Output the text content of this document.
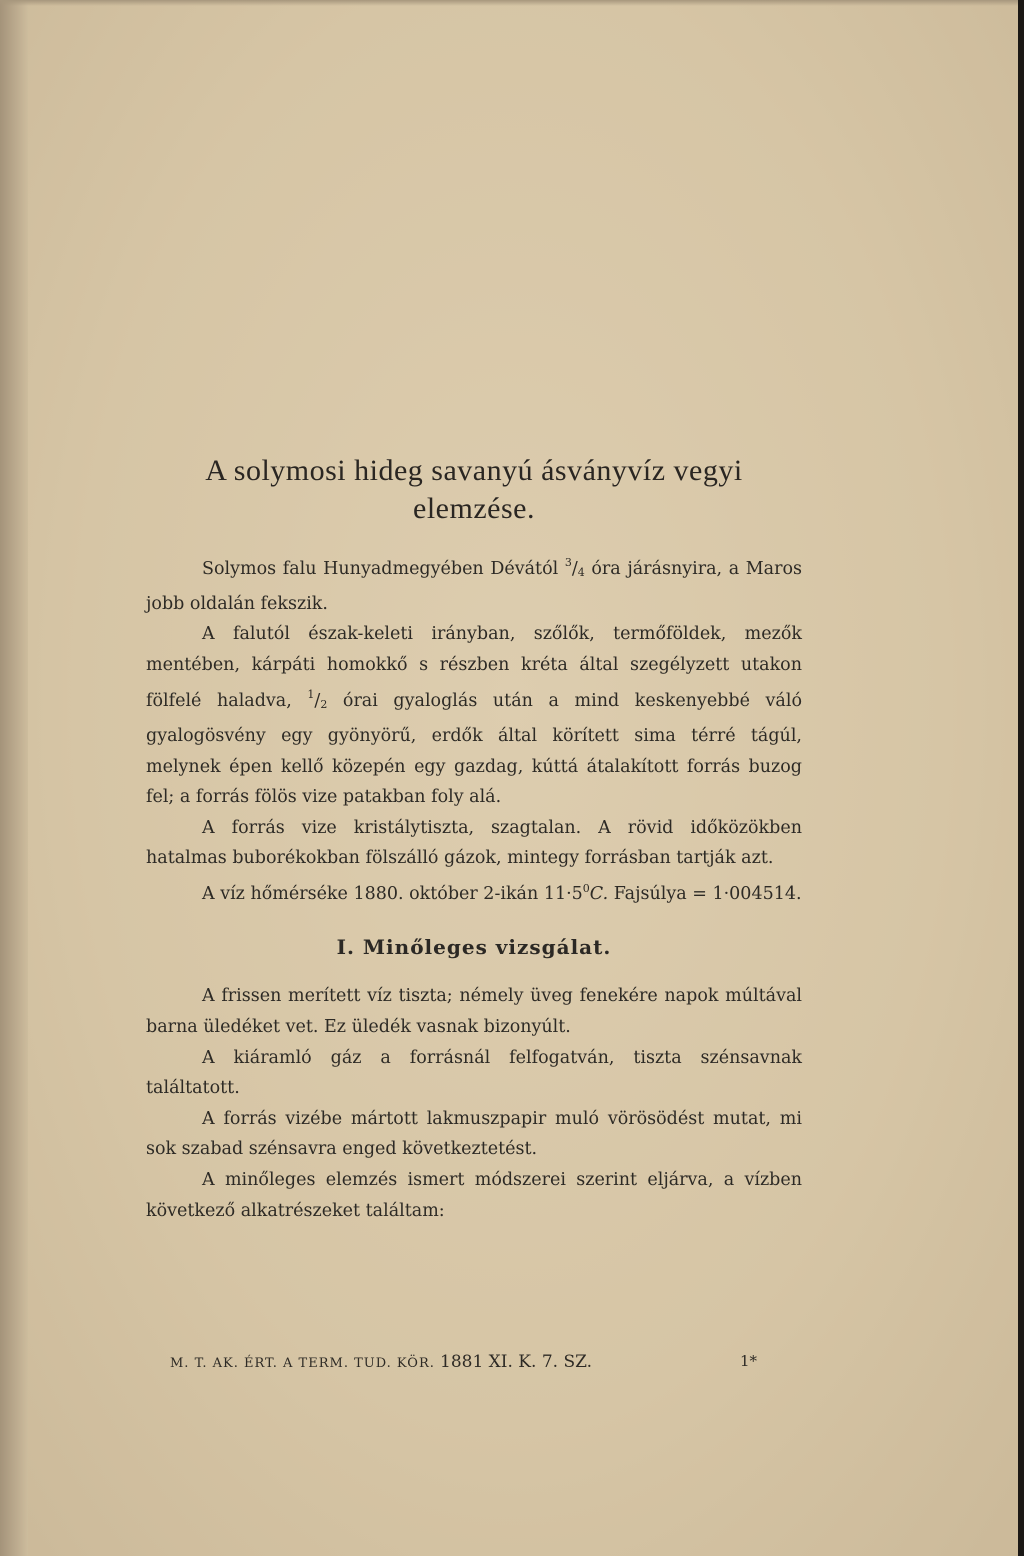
A solymosi hideg savanyú ásványvíz vegyi
elemzése.

Solymos falu Hunyadmegyében Dévától $^3/_4$ óra járásnyira, a Maros jobb oldalán fekszik.

A falutól észak-keleti irányban, szőlők, termőföldek, mezők mentében, kárpáti homokkő s részben kréta által szegélyzett utakon fölfelé haladva, $^1/_2$ órai gyaloglás után a mind keskenyebbé váló gyalogösvény egy gyönyörű, erdők által körített sima térré tágúl, melynek épen kellő közepén egy gazdag, kúttá átalakított forrás buzog fel; a forrás fölös vize patakban foly alá.

A forrás vize kristálytiszta, szagtalan. A rövid időközökben hatalmas buborékokban fölszálló gázok, mintegy forrásban tartják azt.

A víz hőmérséke 1880. október 2-ikán $11\cdot 5^0C$. Fajsúlya = 1·004514.

I. Minőleges vizsgálat.

A frissen merített víz tiszta; némely üveg fenekére napok múltával barna üledéket vet. Ez üledék vasnak bizonyúlt.

A kiáramló gáz a forrásnál felfogatván, tiszta szénsavnak találtatott.

A forrás vizébe mártott lakmuszpapir muló vörösödést mutat, mi sok szabad szénsavra enged következtetést.

A minőleges elemzés ismert módszerei szerint eljárva, a vízben következő alkatrészeket találtam:

M. T. AK. ÉRT. A TERM. TUD. KÖR. 1881 XI. K. 7. SZ.	1*
